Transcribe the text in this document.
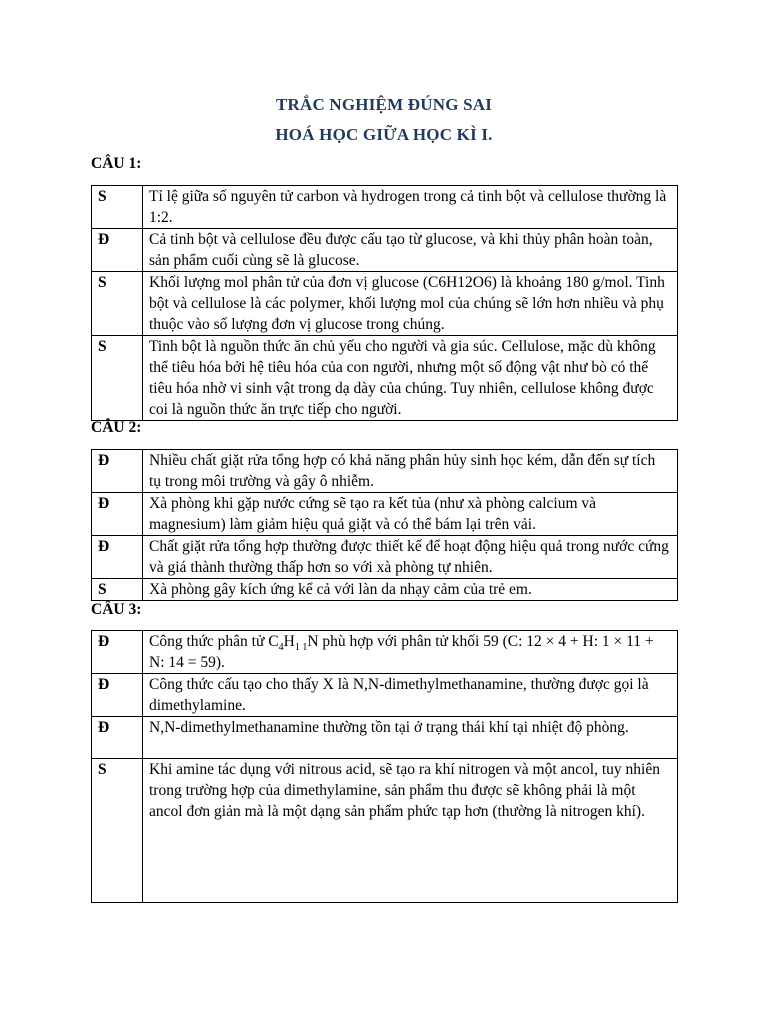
TRẮC NGHIỆM ĐÚNG SAI
HOÁ HỌC GIỮA HỌC KÌ I.
CÂU 1:
S	Tỉ lệ giữa số nguyên tử carbon và hydrogen trong cả tinh bột và cellulose thường là 1:2.
Đ	Cả tinh bột và cellulose đều được cấu tạo từ glucose, và khi thủy phân hoàn toàn, sản phẩm cuối cùng sẽ là glucose.
S	Khối lượng mol phân tử của đơn vị glucose (C6H12O6) là khoảng 180 g/mol. Tinh bột và cellulose là các polymer, khối lượng mol của chúng sẽ lớn hơn nhiều và phụ thuộc vào số lượng đơn vị glucose trong chúng.
S	Tinh bột là nguồn thức ăn chủ yếu cho người và gia súc. Cellulose, mặc dù không thể tiêu hóa bởi hệ tiêu hóa của con người, nhưng một số động vật như bò có thể tiêu hóa nhờ vi sinh vật trong dạ dày của chúng. Tuy nhiên, cellulose không được coi là nguồn thức ăn trực tiếp cho người.
CÂU 2:
Đ	Nhiều chất giặt rửa tổng hợp có khả năng phân hủy sinh học kém, dẫn đến sự tích tụ trong môi trường và gây ô nhiễm.
Đ	Xà phòng khi gặp nước cứng sẽ tạo ra kết tủa (như xà phòng calcium và magnesium) làm giảm hiệu quả giặt và có thể bám lại trên vải.
Đ	Chất giặt rửa tổng hợp thường được thiết kế để hoạt động hiệu quả trong nước cứng và giá thành thường thấp hơn so với xà phòng tự nhiên.
S	Xà phòng gây kích ứng kể cả với làn da nhạy cảm của trẻ em.
CÂU 3:
Đ	Công thức phân tử $C_4H_{1 1}N$ phù hợp với phân tử khối 59 (C: 12 × 4 + H: 1 × 11 + N: 14 = 59).
Đ	Công thức cấu tạo cho thấy X là N,N-dimethylmethanamine, thường được gọi là dimethylamine.
Đ	N,N-dimethylmethanamine thường tồn tại ở trạng thái khí tại nhiệt độ phòng.
S	Khi amine tác dụng với nitrous acid, sẽ tạo ra khí nitrogen và một ancol, tuy nhiên trong trường hợp của dimethylamine, sản phẩm thu được sẽ không phải là một ancol đơn giản mà là một dạng sản phẩm phức tạp hơn (thường là nitrogen khí).
